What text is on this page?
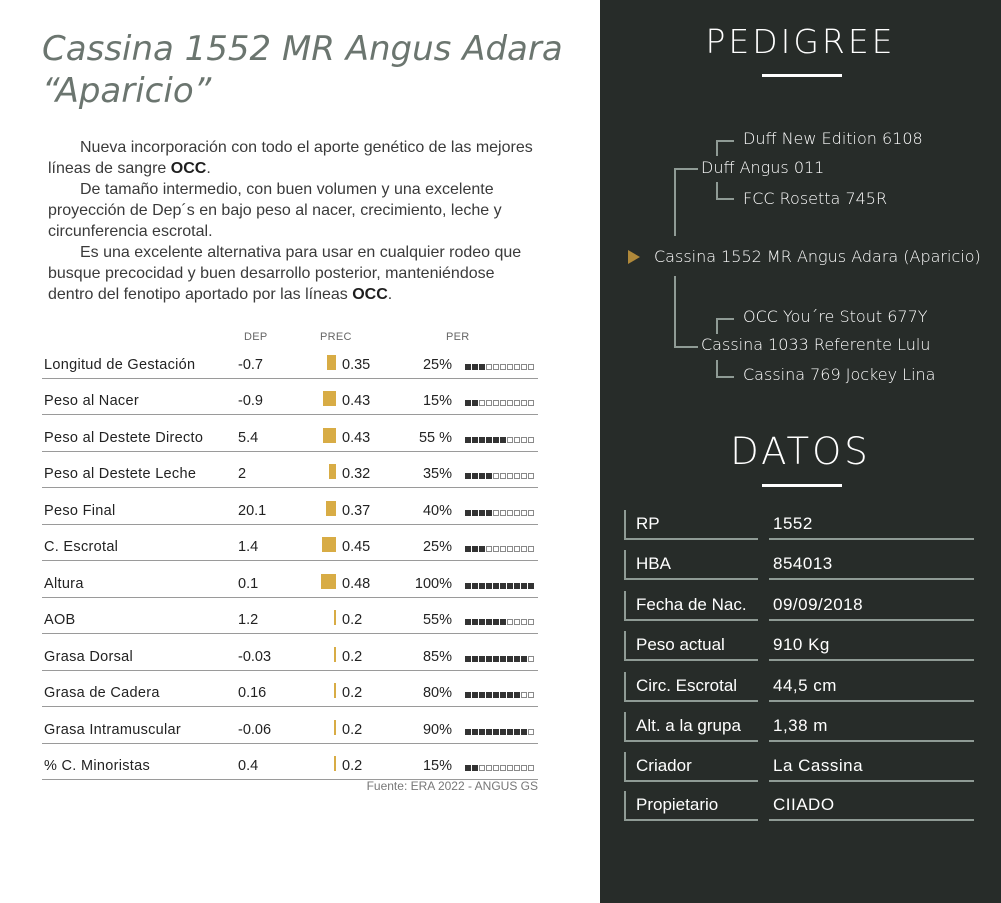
Cassina 1552 MR Angus Adara
“Aparicio”

Nueva incorporación con todo el aporte genético de las mejores líneas de sangre OCC.

De tamaño intermedio, con buen volumen y una excelente proyección de Dep´s en bajo peso al nacer, crecimiento, leche y circunferencia escrotal.

Es una excelente alternativa para usar en cualquier rodeo que busque precocidad y buen desarrollo posterior, manteniéndose dentro del fenotipo aportado por las líneas OCC.

DEP	PREC	PER
Longitud de Gestación	-0.7	0.35	25%
Peso al Nacer	-0.9	0.43	15%
Peso al Destete Directo 5.4	0.43	55 %
Peso al Destete Leche	2	0.32	35%
Peso Final	20.1	0.37	40%
C. Escrotal	1.4	0.45	25%
Altura	0.1	0.48	100%
AOB	1.2	0.2	55%
Grasa Dorsal	-0.03	0.2	85%
Grasa de Cadera	0.16	0.2	80%
Grasa Intramuscular	-0.06	0.2	90%
% C. Minoristas	0.4	0.2	15%
Fuente: ERA 2022 - ANGUS GS
PEDIGREE
Duff New Edition 6108
Duff Angus 011
FCC Rosetta 745R
Cassina 1552 MR Angus Adara (Aparicio)
OCC You´re Stout 677Y
Cassina 1033 Referente Lulu
Cassina 769 Jockey Lina
DATOS
RP	1552
HBA	854013
Fecha de Nac. 09/09/2018
Peso actual	910 Kg
Circ. Escrotal 44,5 cm
Alt. a la grupa 1,38 m
Criador	La Cassina
Propietario	CIIADO
